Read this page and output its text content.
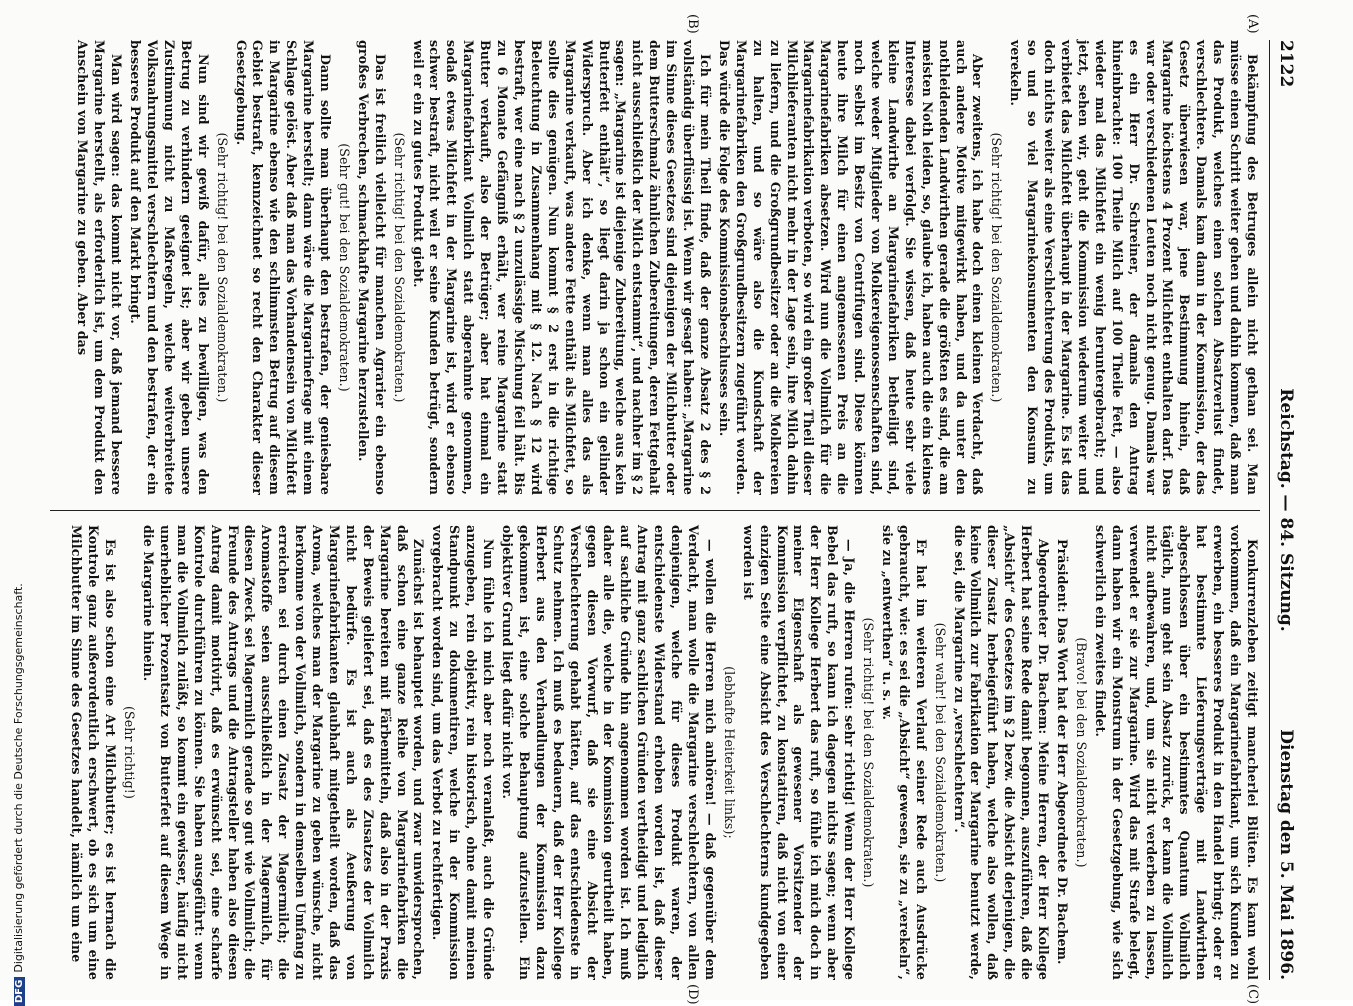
2122
Reichstag. — 84. Sitzung.
Dienstag den 5. Mai 1896.
(A)
(B)
(C)
(D)

Bekämpfung des Betruges allein nicht gethan sei. Man müsse einen Schritt weiter gehen und dahin kommen, daß man das Produkt, welches einen solchen Absatzverlust findet, verschlechtere. Damals kam dann in der Kommission, der das Gesetz überwiesen war, jene Bestimmung hinein, daß Margarine höchstens 4 Prozent Milchfett enthalten darf. Das war oder verschiedenen Leuten noch nicht genug. Damals war es ein Herr Dr. Schreiner, der damals den Antrag hineinbrachte: 100 Theile Milch auf 100 Theile Fett, — also wieder mal das Milchfett ein wenig heruntergebracht; und jetzt, sehen wir, geht die Kommission wiederum weiter und verbietet das Milchfett überhaupt in der Margarine. Es ist das doch nichts weiter als eine Verschlechterung des Produkts, um so und so viel Margarinekonsumenten den Konsum zu verekeln.

(Sehr richtig! bei den Sozialdemokraten.)

Aber zweitens, ich habe doch einen kleinen Verdacht, daß auch andere Motive mitgewirkt haben, und da unter den nothleidenden Landwirthen gerade die größten es sind, die am meisten Noth leiden, so, glaube ich, haben auch die ein kleines Interesse dabei verfolgt. Sie wissen, daß heute sehr viele kleine Landwirthe an Margarinefabriken betheiligt sind, welche weder Mitglieder von Molkereigenossenschaften sind, noch selbst im Besitz von Centrifugen sind. Diese können heute ihre Milch für einen angemessenen Preis an die Margarinefabriken absetzen. Wird nun die Vollmilch für die Margarinefabrikation verboten, so wird ein großer Theil dieser Milchlieferanten nicht mehr in der Lage sein, ihre Milch dahin zu liefern, und die Großgrundbesitzer oder an die Molkereien zu halten, und so wäre also die Kundschaft der Margarinefabriken den Großgrundbesitzern zugeführt worden. Das würde die Folge des Kommissionsbeschlusses sein.

Ich für mein Theil finde, daß der ganze Absatz 2 des § 2 vollständig überflüssig ist. Wenn wir gesagt haben: „Margarine im Sinne dieses Gesetzes sind diejenigen der Milchbutter oder dem Butterschmalz ähnlichen Zubereitungen, deren Fettgehalt nicht ausschließlich der Milch entstammt“, und nachher im § 2 sagen: „Margarine ist diejenige Zubereitung, welche aus kein Butterfett enthält“, so liegt darin ja schon ein gelinder Widerspruch. Aber ich denke, wenn man alles das als Margarine verkauft, was andere Fette enthält als Milchfett, so sollte dies genügen. Nun kommt § 2 erst in die richtige Beleuchtung in Zusammenhang mit § 12. Nach § 12 wird bestraft, wer eine nach § 2 unzulässige Mischung feil hält. Bis zu 6 Monate Gefängniß erhält, wer reine Margarine statt Butter verkauft, also der Betrüger; aber hat einmal ein Margarinefabrikant Vollmilch statt abgerahmte genommen, sodaß etwas Milchfett in der Margarine ist, wird er ebenso schwer bestraft, nicht weil er seine Kunden betrügt, sondern weil er ein zu gutes Produkt giebt.

(Sehr richtig! bei den Sozialdemokraten.)

Das ist freilich vielleicht für manchen Agrarier ein ebenso großes Verbrechen, schmackhafte Margarine herzustellen.

(Sehr gut! bei den Sozialdemokraten.)

Dann sollte man überhaupt den bestrafen, der geniesbare Margarine herstellt; dann wäre die Margarinefrage mit einem Schlage gelöst. Aber daß man das Vorhandensein von Milchfett in Margarine ebenso wie den schlimmsten Betrug auf diesem Gebiet bestraft, kennzeichnet so recht den Charakter dieser Gesetzgebung.

(Sehr richtig! bei den Sozialdemokraten.)

Nun sind wir gewiß dafür, alles zu bewilligen, was den Betrug zu verhindern geeignet ist; aber wir geben unsere Zustimmung nicht zu Maßregeln, welche weitverbreitete Volksnahrungsmittel verschlechtern und den bestrafen, der ein besseres Produkt auf den Markt bringt.

Man wird sagen: das kommt nicht vor, daß jemand bessere Margarine herstellt, als erforderlich ist, um dem Produkt den Anschein von Margarine zu geben. Aber das

Konkurrenzleben zeitigt mancherlei Blüten. Es kann wohl vorkommen, daß ein Margarinefabrikant, um sich Kunden zu erwerben, ein besseres Produkt in den Handel bringt; oder er hat bestimmte Lieferungsverträge mit Landwirthen abgeschlossen über ein bestimmtes Quantum Vollmilch täglich, nun geht sein Absatz zurück, er kann die Vollmilch nicht aufbewahren, und, um sie nicht verderben zu lassen, verwendet er sie zur Margarine. Wird das mit Strafe belegt, dann haben wir ein Monstrum in der Gesetzgebung, wie sich schwerlich ein zweites findet.

(Bravo! bei den Sozialdemokraten.)

Präsident: Das Wort hat der Herr Abgeordnete Dr. Bachem.

Abgeordneter Dr. Bachem: Meine Herren, der Herr Kollege Herbert hat seine Rede damit begonnen, auszuführen, daß die „Absicht“ des Gesetzes im § 2 bezw. die Absicht derjenigen, die dieser Zusatz herbeigeführt haben, welche also wollen, daß keine Vollmilch zur Fabrikation der Margarine benutzt werde, die sei, die Margarine zu „verschlechtern“.

(Sehr wahr! bei den Sozialdemokraten.)

Er hat im weiteren Verlauf seiner Rede auch Ausdrücke gebraucht, wie: es sei die „Absicht“ gewesen, sie zu „verekeln“, sie zu „entwerthen“ u. s. w.

(Sehr richtig! bei den Sozialdemokraten.)

— Ja, die Herren rufen: sehr richtig! Wenn der Herr Kollege Bebel das ruft, so kann ich dagegen nichts sagen; wenn aber der Herr Kollege Herbert das ruft, so fühle ich mich doch in meiner Eigenschaft als gewesener Vorsitzender der Kommission verpflichtet, zu konstatiren, daß nicht von einer einzigen Seite eine Absicht des Verschlechterns kundgegeben worden ist

(lebhafte Heiterkeit links);

— wollen die Herren mich anhören! — daß gegenüber dem Verdacht, man wolle die Margarine verschlechtern, von allen denjenigen, welche für dieses Produkt waren, der entschiedenste Widerstand erhoben worden ist, daß dieser Antrag mit ganz sachlichen Gründen vertheidigt und lediglich auf sachliche Gründe hin angenommen worden ist. Ich muß daher alle die, welche in der Kommission geurtheilt haben, gegen diesen Vorwurf, daß sie eine Absicht der Verschlechterung gehabt hätten, auf das entschiedenste in Schutz nehmen. Ich muß es bedauern, daß der Herr Kollege Herbert aus den Verhandlungen der Kommission dazu gekommen ist, eine solche Behauptung aufzustellen. Ein objektiver Grund liegt dafür nicht vor.

Nun fühle ich mich aber noch veranlaßt, auch die Gründe anzugeben, rein objektiv, rein historisch, ohne damit meinen Standpunkt zu dokumentiren, welche in der Kommission vorgebracht worden sind, um das Verbot zu rechtfertigen.

Zunächst ist behauptet worden, und zwar unwidersprochen, daß schon eine ganze Reihe von Margarinefabriken die Margarine bereiten mit Färbemitteln, daß also in der Praxis der Beweis geliefert sei, daß es des Zusatzes der Vollmilch nicht bedürfe. Es ist auch als Aeußerung von Margarinefabrikanten glaubhaft mitgetheilt worden, daß das Aroma, welches man der Margarine zu geben wünsche, nicht herkomme von der Vollmilch, sondern in demselben Umfang zu erreichen sei durch einen Zusatz der Magermilch; die Aromastoffe seien ausschließlich in der Magermilch, für diesen Zweck sei Magermilch gerade so gut wie Vollmilch; die Freunde des Antrags und die Antragsteller haben also diesen Antrag damit motivirt, daß es erwünscht sei, eine scharfe Kontrole durchführen zu können. Sie haben ausgeführt: wenn man die Vollmilch zuläßt, so kommt ein gewisser, häufig nicht unerheblicher Prozentsatz von Butterfett auf diesem Wege in die Margarine hinein.

(Sehr richtig!)

Es ist also schon eine Art Milchbutter; es ist hernach die Kontrole ganz außerordentlich erschwert, ob es sich um eine Milchbutter im Sinne des Gesetzes handelt, nämlich um eine

DFGDigitalisierung gefördert durch die Deutsche Forschungsgemeinschaft.
